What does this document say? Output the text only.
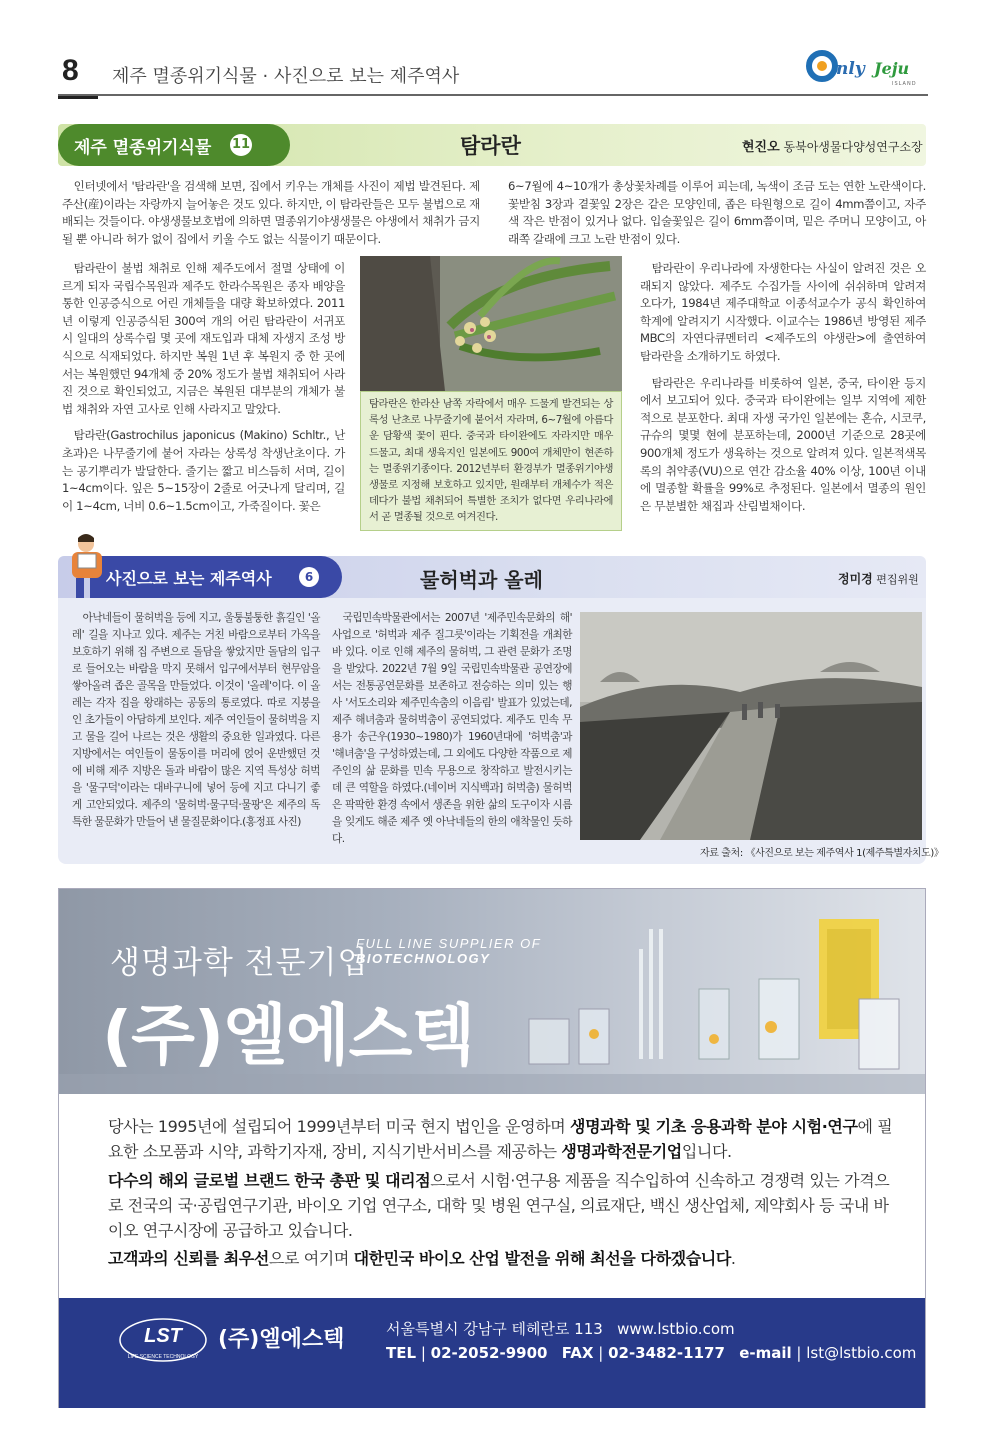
8 제주 멸종위기식물 · 사진으로 보는 제주역사	nly Jeju
ISLAND
제주 멸종위기식물 11	탐라란	현진오 동북아생물다양성연구소장

인터넷에서 '탐라란'을 검색해 보면, 집에서 키우는 개체를 사진이 제법 발견된다. 제주산(産)이라는 자랑까지 늘어놓은 것도 있다. 하지만, 이 탐라란들은 모두 불법으로 재배되는 것들이다. 야생생물보호법에 의하면 멸종위기야생생물은 야생에서 채취가 금지될 뿐 아니라 허가 없이 집에서 키울 수도 없는 식물이기 때문이다.

탐라란이 불법 채취로 인해 제주도에서 절멸 상태에 이르게 되자 국립수목원과 제주도 한라수목원은 종자 배양을 통한 인공증식으로 어린 개체들을 대량 확보하였다. 2011년 이렇게 인공증식된 300여 개의 어린 탐라란이 서귀포시 일대의 상록수림 몇 곳에 재도입과 대체 자생지 조성 방식으로 식재되었다. 하지만 복원 1년 후 복원지 중 한 곳에서는 복원했던 94개체 중 20% 정도가 불법 채취되어 사라진 것으로 확인되었고, 지금은 복원된 대부분의 개체가 불법 채취와 자연 고사로 인해 사라지고 말았다.

탐라란(Gastrochilus japonicus (Makino) Schltr., 난초과)은 나무줄기에 붙어 자라는 상록성 착생난초이다. 가는 공기뿌리가 발달한다. 줄기는 짧고 비스듬히 서며, 길이 1~4cm이다. 잎은 5~15장이 2줄로 어긋나게 달리며, 길이 1~4cm, 너비 0.6~1.5cm이고, 가죽질이다. 꽃은

6~7월에 4~10개가 총상꽃차례를 이루어 피는데, 녹색이 조금 도는 연한 노란색이다. 꽃받침 3장과 곁꽃잎 2장은 같은 모양인데, 좁은 타원형으로 길이 4mm쯤이고, 자주색 작은 반점이 있거나 없다. 입술꽃잎은 길이 6mm쯤이며, 밑은 주머니 모양이고, 아래쪽 갈래에 크고 노란 반점이 있다.

탐라란이 우리나라에 자생한다는 사실이 알려진 것은 오래되지 않았다. 제주도 수집가들 사이에 쉬쉬하며 알려져 오다가, 1984년 제주대학교 이종석교수가 공식 확인하여 학계에 알려지기 시작했다. 이교수는 1986년 방영된 제주MBC의 자연다큐멘터리 <제주도의 야생란>에 출연하여 탐라란을 소개하기도 하였다.

탐라란은 우리나라를 비롯하여 일본, 중국, 타이완 등지에서 보고되어 있다. 중국과 타이완에는 일부 지역에 제한적으로 분포한다. 최대 자생 국가인 일본에는 혼슈, 시코쿠, 규슈의 몇몇 현에 분포하는데, 2000년 기준으로 28곳에 900개체 정도가 생육하는 것으로 알려져 있다. 일본적색목록의 취약종(VU)으로 연간 감소율 40% 이상, 100년 이내에 멸종할 확률을 99%로 추정된다. 일본에서 멸종의 원인은 무분별한 채집과 산림벌채이다.

탐라란은 한라산 남쪽 자락에서 매우 드물게 발견되는 상록성 난초로 나무줄기에 붙어서 자라며, 6~7월에 아름다운 담황색 꽃이 핀다. 중국과 타이완에도 자라지만 매우 드물고, 최대 생육지인 일본에도 900여 개체만이 현존하는 멸종위기종이다. 2012년부터 환경부가 멸종위기야생생물로 지정해 보호하고 있지만, 원래부터 개체수가 적은 데다가 불법 채취되어 특별한 조치가 없다면 우리나라에서 곧 멸종될 것으로 여겨진다.
사진으로 보는 제주역사	6	물허벅과 올레	정미경 편집위원

아낙네들이 물허벅을 등에 지고, 울퉁불퉁한 흙길인 '올레' 길을 지나고 있다. 제주는 거친 바람으로부터 가옥을 보호하기 위해 집 주변으로 돌담을 쌓았지만 돌담의 입구로 들어오는 바람을 막지 못해서 입구에서부터 현무암을 쌓아올려 좁은 골목을 만들었다. 이것이 '올레'이다. 이 올레는 각자 집을 왕래하는 공동의 통로였다. 따로 지붕을 인 초가들이 아담하게 보인다. 제주 여인들이 물허벅을 지고 물을 길어 나르는 것은 생활의 중요한 일과였다. 다른 지방에서는 여인들이 물동이를 머리에 얹어 운반했던 것에 비해 제주 지방은 돌과 바람이 많은 지역 특성상 허벅을 '물구덕'이라는 대바구니에 넣어 등에 지고 다니기 좋게 고안되었다. 제주의 '물허벅·물구덕·물팡'은 제주의 독특한 물문화가 만들어 낸 물질문화이다.(홍정표 사진)

국립민속박물관에서는 2007년 '제주민속문화의 해' 사업으로 '허벅과 제주 질그릇'이라는 기획전을 개최한 바 있다. 이로 인해 제주의 물허벅, 그 관련 문화가 조명을 받았다. 2022년 7월 9일 국립민속박물관 공연장에서는 전통공연문화를 보존하고 전승하는 의미 있는 행사 '서도소리와 제주민속춤의 이음림' 발표가 있었는데, 제주 해녀춤과 물허벅춤이 공연되었다. 제주도 민속 무용가 송근우(1930~1980)가 1960년대에 '허벅춤'과 '해녀춤'을 구성하였는데, 그 외에도 다양한 작품으로 제주인의 삶 문화를 민속 무용으로 창작하고 발전시키는 데 큰 역할을 하였다.(네이버 지식백과] 허벅춤) 물허벅은 팍팍한 환경 속에서 생존을 위한 삶의 도구이자 시름을 잊게도 해준 제주 옛 아낙네들의 한의 애착물인 듯하다.

자료 출처: 《사진으로 보는 제주역사 1(제주특별자치도)》
생명과학 전문기업
FULL LINE SUPPLIER OF
BIOTECHNOLOGY
(주)엘에스텍
당사는 1995년에 설립되어 1999년부터 미국 현지 법인을 운영하며 생명과학 및 기초 응용과학 분야 시험·연구에 필요한 소모품과 시약, 과학기자재, 장비, 지식기반서비스를 제공하는 생명과학전문기업입니다.
다수의 해외 글로벌 브랜드 한국 총판 및 대리점으로서 시험·연구용 제품을 직수입하여 신속하고 경쟁력 있는 가격으로 전국의 국·공립연구기관, 바이오 기업 연구소, 대학 및 병원 연구실, 의료재단, 백신 생산업체, 제약회사 등 국내 바이오 연구시장에 공급하고 있습니다.
고객과의 신뢰를 최우선으로 여기며 대한민국 바이오 산업 발전을 위해 최선을 다하겠습니다.
LST
LIFE SCIENCE TECHNOLOGY
(주)엘에스텍	서울특별시 강남구 테헤란로 113 www.lstbio.com
TEL | 02-2052-9900 FAX | 02-3482-1177 e-mail | lst@lstbio.com
